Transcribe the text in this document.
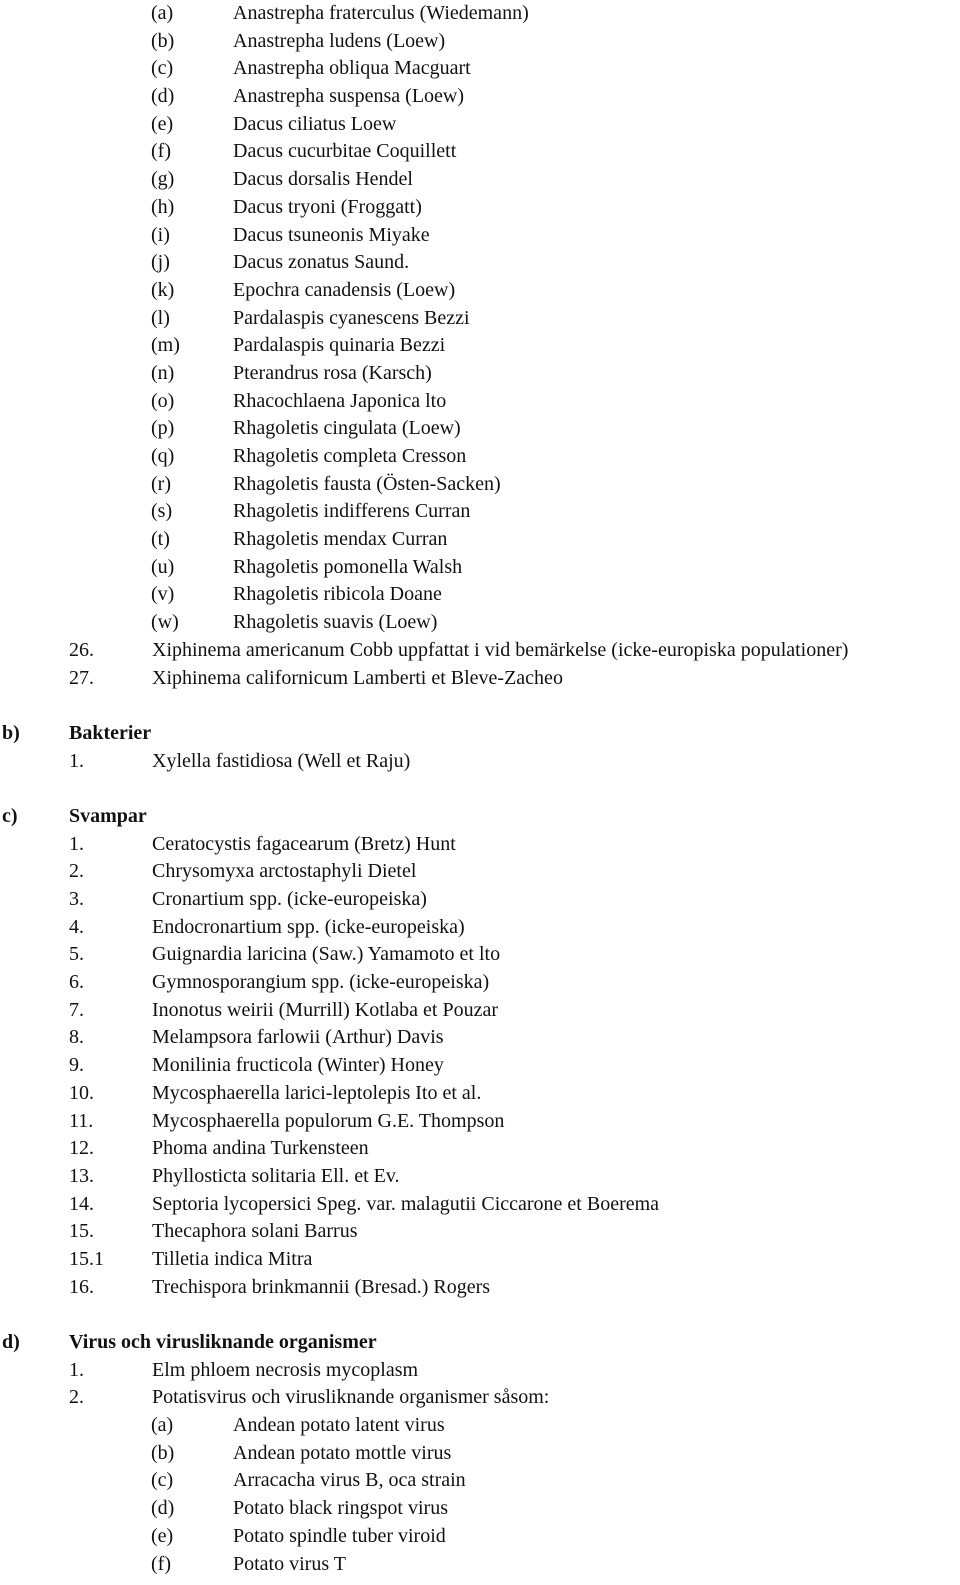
(a)	Anastrepha fraterculus (Wiedemann)
(b)	Anastrepha ludens (Loew)
(c)	Anastrepha obliqua Macguart
(d)	Anastrepha suspensa (Loew)
(e)	Dacus ciliatus Loew
(f)	Dacus cucurbitae Coquillett
(g)	Dacus dorsalis Hendel
(h)	Dacus tryoni (Froggatt)
(i)	Dacus tsuneonis Miyake
(j)	Dacus zonatus Saund.
(k)	Epochra canadensis (Loew)
(l)	Pardalaspis cyanescens Bezzi
(m)	Pardalaspis quinaria Bezzi
(n)	Pterandrus rosa (Karsch)
(o)	Rhacochlaena Japonica lto
(p)	Rhagoletis cingulata (Loew)
(q)	Rhagoletis completa Cresson
(r)	Rhagoletis fausta (Östen-Sacken)
(s)	Rhagoletis indifferens Curran
(t)	Rhagoletis mendax Curran
(u)	Rhagoletis pomonella Walsh
(v)	Rhagoletis ribicola Doane
(w)	Rhagoletis suavis (Loew)
26.	Xiphinema americanum Cobb uppfattat i vid bemärkelse (icke-europiska populationer)
27.	Xiphinema californicum Lamberti et Bleve-Zacheo
b) Bakterier
1.	Xylella fastidiosa (Well et Raju)
c)	Svampar
1.	Ceratocystis fagacearum (Bretz) Hunt
2.	Chrysomyxa arctostaphyli Dietel
3.	Cronartium spp. (icke-europeiska)
4.	Endocronartium spp. (icke-europeiska)
5.	Guignardia laricina (Saw.) Yamamoto et lto
6.	Gymnosporangium spp. (icke-europeiska)
7.	Inonotus weirii (Murrill) Kotlaba et Pouzar
8.	Melampsora farlowii (Arthur) Davis
9.	Monilinia fructicola (Winter) Honey
10.	Mycosphaerella larici-leptolepis Ito et al.
11.	Mycosphaerella populorum G.E. Thompson
12.	Phoma andina Turkensteen
13.	Phyllosticta solitaria Ell. et Ev.
14.	Septoria lycopersici Speg. var. malagutii Ciccarone et Boerema
15.	Thecaphora solani Barrus
15.1 Tilletia indica Mitra
16.	Trechispora brinkmannii (Bresad.) Rogers
d) Virus och virusliknande organismer
1.	Elm phloem necrosis mycoplasm
2.	Potatisvirus och virusliknande organismer såsom:
(a)	Andean potato latent virus
(b)	Andean potato mottle virus
(c)	Arracacha virus B, oca strain
(d)	Potato black ringspot virus
(e)	Potato spindle tuber viroid
(f)	Potato virus T
